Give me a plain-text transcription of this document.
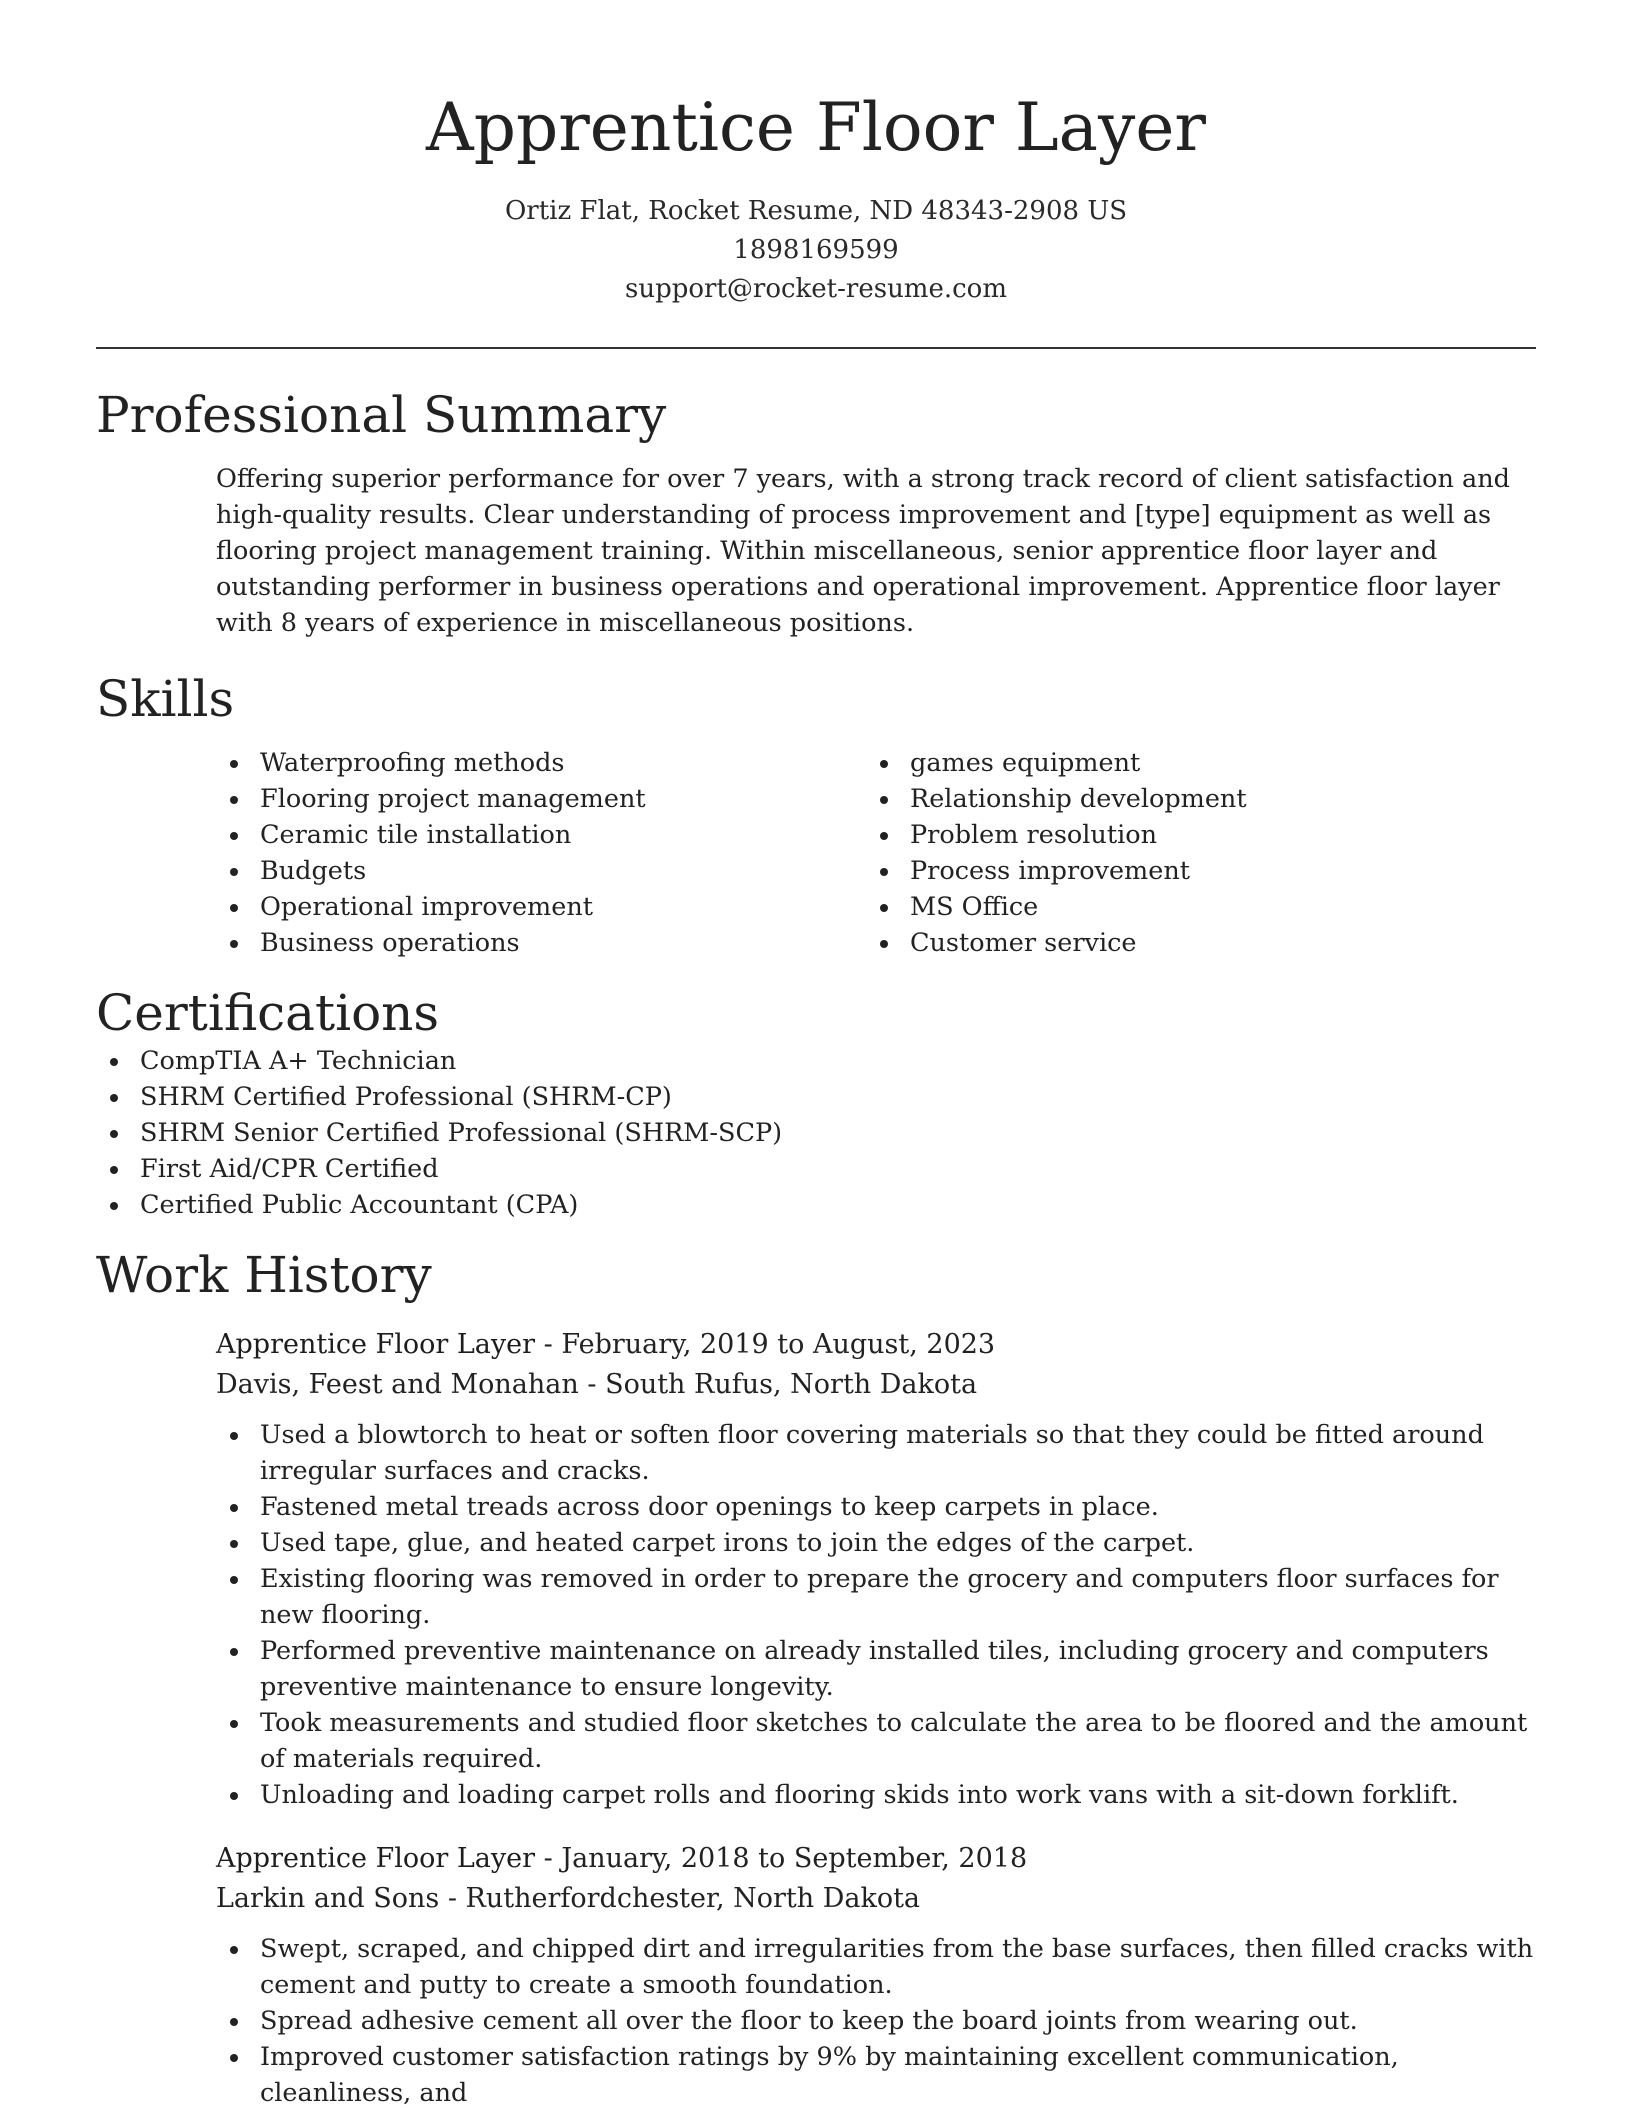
Apprentice Floor Layer
Ortiz Flat, Rocket Resume, ND 48343-2908 US
1898169599
support@rocket-resume.com
Professional Summary
Offering superior performance for over 7 years, with a strong track record of client satisfaction and high-quality results. Clear understanding of process improvement and [type] equipment as well as flooring project management training. Within miscellaneous, senior apprentice floor layer and outstanding performer in business operations and operational improvement. Apprentice floor layer with 8 years of experience in miscellaneous positions.
Skills
Waterproofing methods
Flooring project management
Ceramic tile installation
Budgets
Operational improvement
Business operations
games equipment
Relationship development
Problem resolution
Process improvement
MS Office
Customer service
Certifications
CompTIA A+ Technician
SHRM Certified Professional (SHRM-CP)
SHRM Senior Certified Professional (SHRM-SCP)
First Aid/CPR Certified
Certified Public Accountant (CPA)
Work History
Apprentice Floor Layer - February, 2019 to August, 2023
Davis, Feest and Monahan - South Rufus, North Dakota
Used a blowtorch to heat or soften floor covering materials so that they could be fitted around irregular surfaces and cracks.
Fastened metal treads across door openings to keep carpets in place.
Used tape, glue, and heated carpet irons to join the edges of the carpet.
Existing flooring was removed in order to prepare the grocery and computers floor surfaces for new flooring.
Performed preventive maintenance on already installed tiles, including grocery and computers preventive maintenance to ensure longevity.
Took measurements and studied floor sketches to calculate the area to be floored and the amount of materials required.
Unloading and loading carpet rolls and flooring skids into work vans with a sit-down forklift.
Apprentice Floor Layer - January, 2018 to September, 2018
Larkin and Sons - Rutherfordchester, North Dakota
Swept, scraped, and chipped dirt and irregularities from the base surfaces, then filled cracks with cement and putty to create a smooth foundation.
Spread adhesive cement all over the floor to keep the board joints from wearing out.
Improved customer satisfaction ratings by 9% by maintaining excellent communication, cleanliness, and
